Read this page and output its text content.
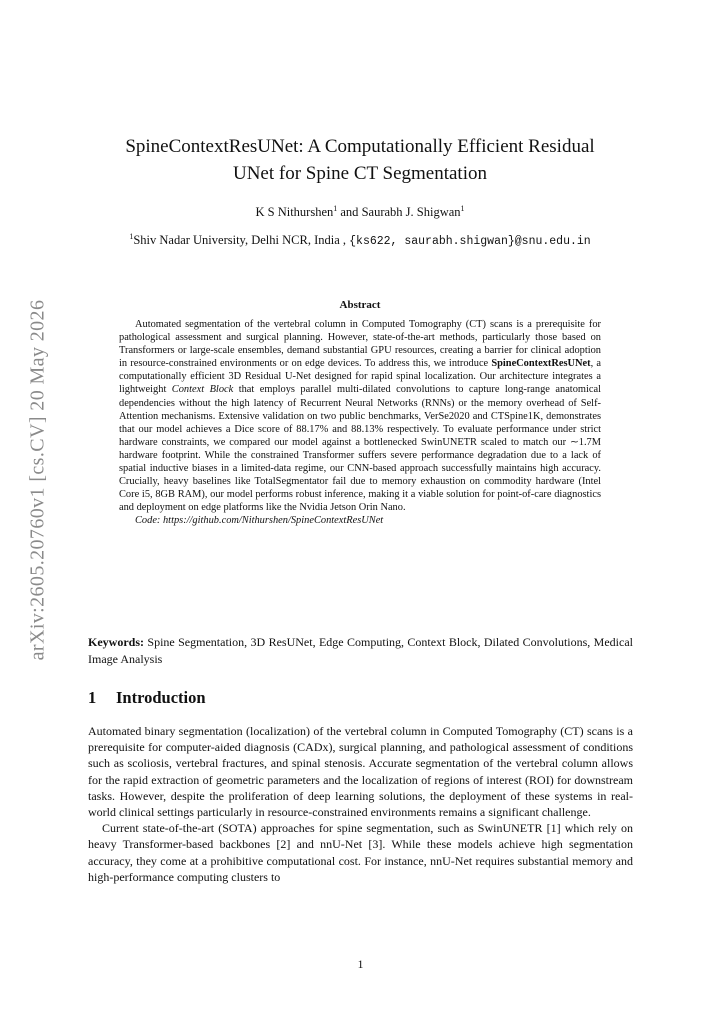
arXiv:2605.20760v1 [cs.CV] 20 May 2026
SpineContextResUNet: A Computationally Efficient Residual
UNet for Spine CT Segmentation
K S Nithurshen$^1$ and Saurabh J. Shigwan$^1$
$^1$Shiv Nadar University, Delhi NCR, India , {ks622, saurabh.shigwan}@snu.edu.in
Abstract

Automated segmentation of the vertebral column in Computed Tomography (CT) scans is a prerequisite for pathological assessment and surgical planning. However, state-of-the-art methods, particularly those based on Transformers or large-scale ensembles, demand substantial GPU resources, creating a barrier for clinical adoption in resource-constrained environments or on edge devices. To address this, we introduce SpineContextResUNet, a computationally efficient 3D Residual U-Net designed for rapid spinal localization. Our architecture integrates a lightweight Context Block that employs parallel multi-dilated convolutions to capture long-range anatomical dependencies without the high latency of Recurrent Neural Networks (RNNs) or the memory overhead of Self-Attention mechanisms. Extensive validation on two public benchmarks, VerSe2020 and CTSpine1K, demonstrates that our model achieves a Dice score of 88.17% and 88.13% respectively. To evaluate performance under strict hardware constraints, we compared our model against a bottlenecked SwinUNETR scaled to match our ∼1.7M hardware footprint. While the constrained Transformer suffers severe performance degradation due to a lack of spatial inductive biases in a limited-data regime, our CNN-based approach successfully maintains high accuracy. Crucially, heavy baselines like TotalSegmentator fail due to memory exhaustion on commodity hardware (Intel Core i5, 8GB RAM), our model performs robust inference, making it a viable solution for point-of-care diagnostics and deployment on edge platforms like the Nvidia Jetson Orin Nano.

Code: https://github.com/Nithurshen/SpineContextResUNet

Keywords: Spine Segmentation, 3D ResUNet, Edge Computing, Context Block, Dilated Convolutions, Medical Image Analysis
1 Introduction

Automated binary segmentation (localization) of the vertebral column in Computed Tomography (CT) scans is a prerequisite for computer-aided diagnosis (CADx), surgical planning, and pathological assessment of conditions such as scoliosis, vertebral fractures, and spinal stenosis. Accurate segmentation of the vertebral column allows for the rapid extraction of geometric parameters and the localization of regions of interest (ROI) for downstream tasks. However, despite the proliferation of deep learning solutions, the deployment of these systems in real-world clinical settings particularly in resource-constrained environments remains a significant challenge.

Current state-of-the-art (SOTA) approaches for spine segmentation, such as SwinUNETR [1] which rely on heavy Transformer-based backbones [2] and nnU-Net [3]. While these models achieve high segmentation accuracy, they come at a prohibitive computational cost. For instance, nnU-Net requires substantial memory and high-performance computing clusters to

1
